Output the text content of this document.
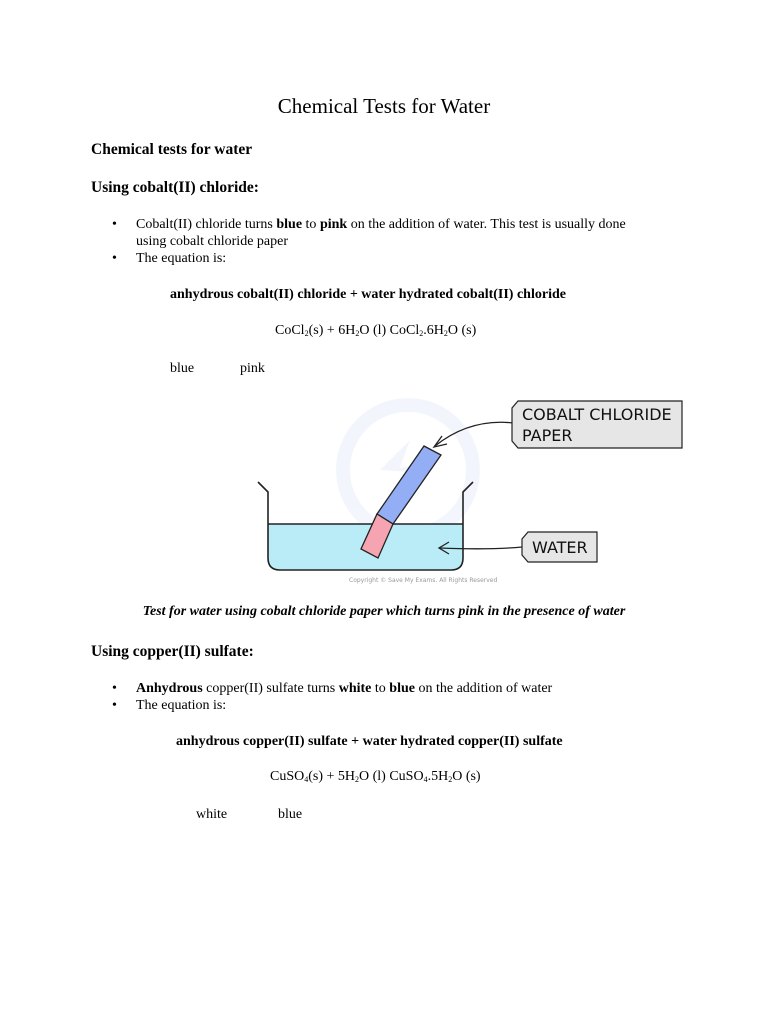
Chemical Tests for Water
Chemical tests for water
Using cobalt(II) chloride:
• Cobalt(II) chloride turns blue to pink on the addition of water. This test is usually done
using cobalt chloride paper
• The equation is:
anhydrous cobalt(II) chloride + water hydrated cobalt(II) chloride
CoCl$_2$(s) + $6H_2O$ (l) $CoCl_2.6H_2O$ (s)
blue	pink
COBALT CHLORIDE
PAPER
WATER
Copyright © Save My Exams. All Rights Reserved
Test for water using cobalt chloride paper which turns pink in the presence of water
Using copper(II) sulfate:
• Anhydrous copper(II) sulfate turns white to blue on the addition of water
• The equation is:
anhydrous copper(II) sulfate + water hydrated copper(II) sulfate
CuSO$_4$(s) + $5H_2O$ (l) $CuSO_4.5H_2O$ (s)
white	blue
